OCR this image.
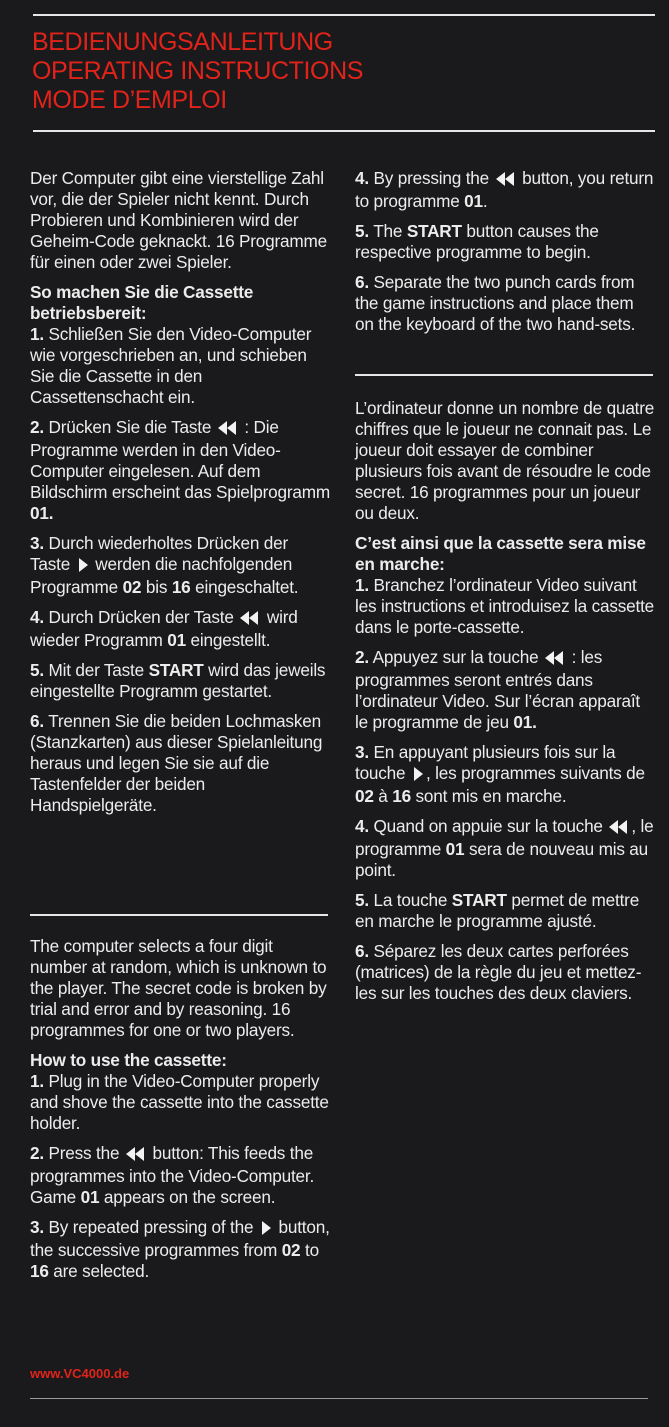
BEDIENUNGSANLEITUNG
OPERATING INSTRUCTIONS
MODE D’EMPLOI

Der Computer gibt eine vierstellige Zahl vor, die der Spieler nicht kennt. Durch Probieren und Kombinieren wird der Geheim-Code geknackt. 16 Programme für einen oder zwei Spieler.

So machen Sie die Cassette betriebsbereit:

1. Schließen Sie den Video-Computer wie vorgeschrieben an, und schieben Sie die Cassette in den Cassettenschacht ein.

2. Drücken Sie die Taste : Die Programme werden in den Video-Computer eingelesen. Auf dem Bildschirm erscheint das Spielprogramm 01.

3. Durch wiederholtes Drücken der Taste werden die nachfolgenden Programme 02 bis 16 eingeschaltet.

4. Durch Drücken der Taste wird wieder Programm 01 eingestellt.

5. Mit der Taste START wird das jeweils eingestellte Programm gestartet.

6. Trennen Sie die beiden Lochmasken (Stanzkarten) aus dieser Spielanleitung heraus und legen Sie sie auf die Tastenfelder der beiden Handspielgeräte.

The computer selects a four digit number at random, which is unknown to the player. The secret code is broken by trial and error and by reasoning. 16 programmes for one or two players.

How to use the cassette:

1. Plug in the Video-Computer properly and shove the cassette into the cassette holder.

2. Press the button: This feeds the programmes into the Video-Computer. Game 01 appears on the screen.

3. By repeated pressing of the button, the successive programmes from 02 to 16 are selected.

4. By pressing the button, you return to programme 01.

5. The START button causes the respective programme to begin.

6. Separate the two punch cards from the game instructions and place them on the keyboard of the two hand-sets.

L’ordinateur donne un nombre de quatre chiffres que le joueur ne connait pas. Le joueur doit essayer de combiner plusieurs fois avant de résoudre le code secret. 16 programmes pour un joueur ou deux.

C’est ainsi que la cassette sera mise en marche:

1. Branchez l’ordinateur Video suivant les instructions et introduisez la cassette dans le porte-cassette.

2. Appuyez sur la touche : les programmes seront entrés dans l’ordinateur Video. Sur l’écran apparaît le programme de jeu 01.

3. En appuyant plusieurs fois sur la touche , les programmes suivants de 02 à 16 sont mis en marche.

4. Quand on appuie sur la touche , le programme 01 sera de nouveau mis au point.

5. La touche START permet de mettre en marche le programme ajusté.

6. Séparez les deux cartes perforées (matrices) de la règle du jeu et mettez-les sur les touches des deux claviers.

www.VC4000.de
